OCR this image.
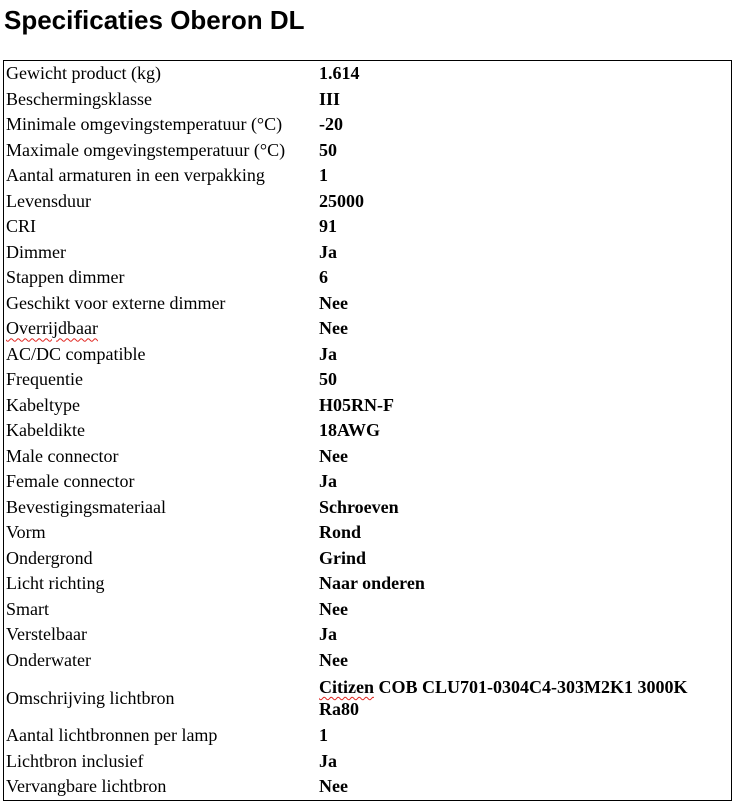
Specificaties Oberon DL
Gewicht product (kg)	1.614
Beschermingsklasse	III
Minimale omgevingstemperatuur (°C)	-20
Maximale omgevingstemperatuur (°C)	50
Aantal armaturen in een verpakking	1
Levensduur	25000
CRI	91
Dimmer	Ja
Stappen dimmer	6
Geschikt voor externe dimmer	Nee
Overrijdbaar	Nee
AC/DC compatible	Ja
Frequentie	50
Kabeltype	H05RN-F
Kabeldikte	18AWG
Male connector	Nee
Female connector	Ja
Bevestigingsmateriaal	Schroeven
Vorm	Rond
Ondergrond	Grind
Licht richting	Naar onderen
Smart	Nee
Verstelbaar	Ja
Onderwater	Nee
Omschrijving lichtbron	Citizen COB CLU701-0304C4-303M2K1 3000K Ra80
Aantal lichtbronnen per lamp	1
Lichtbron inclusief	Ja
Vervangbare lichtbron	Nee
